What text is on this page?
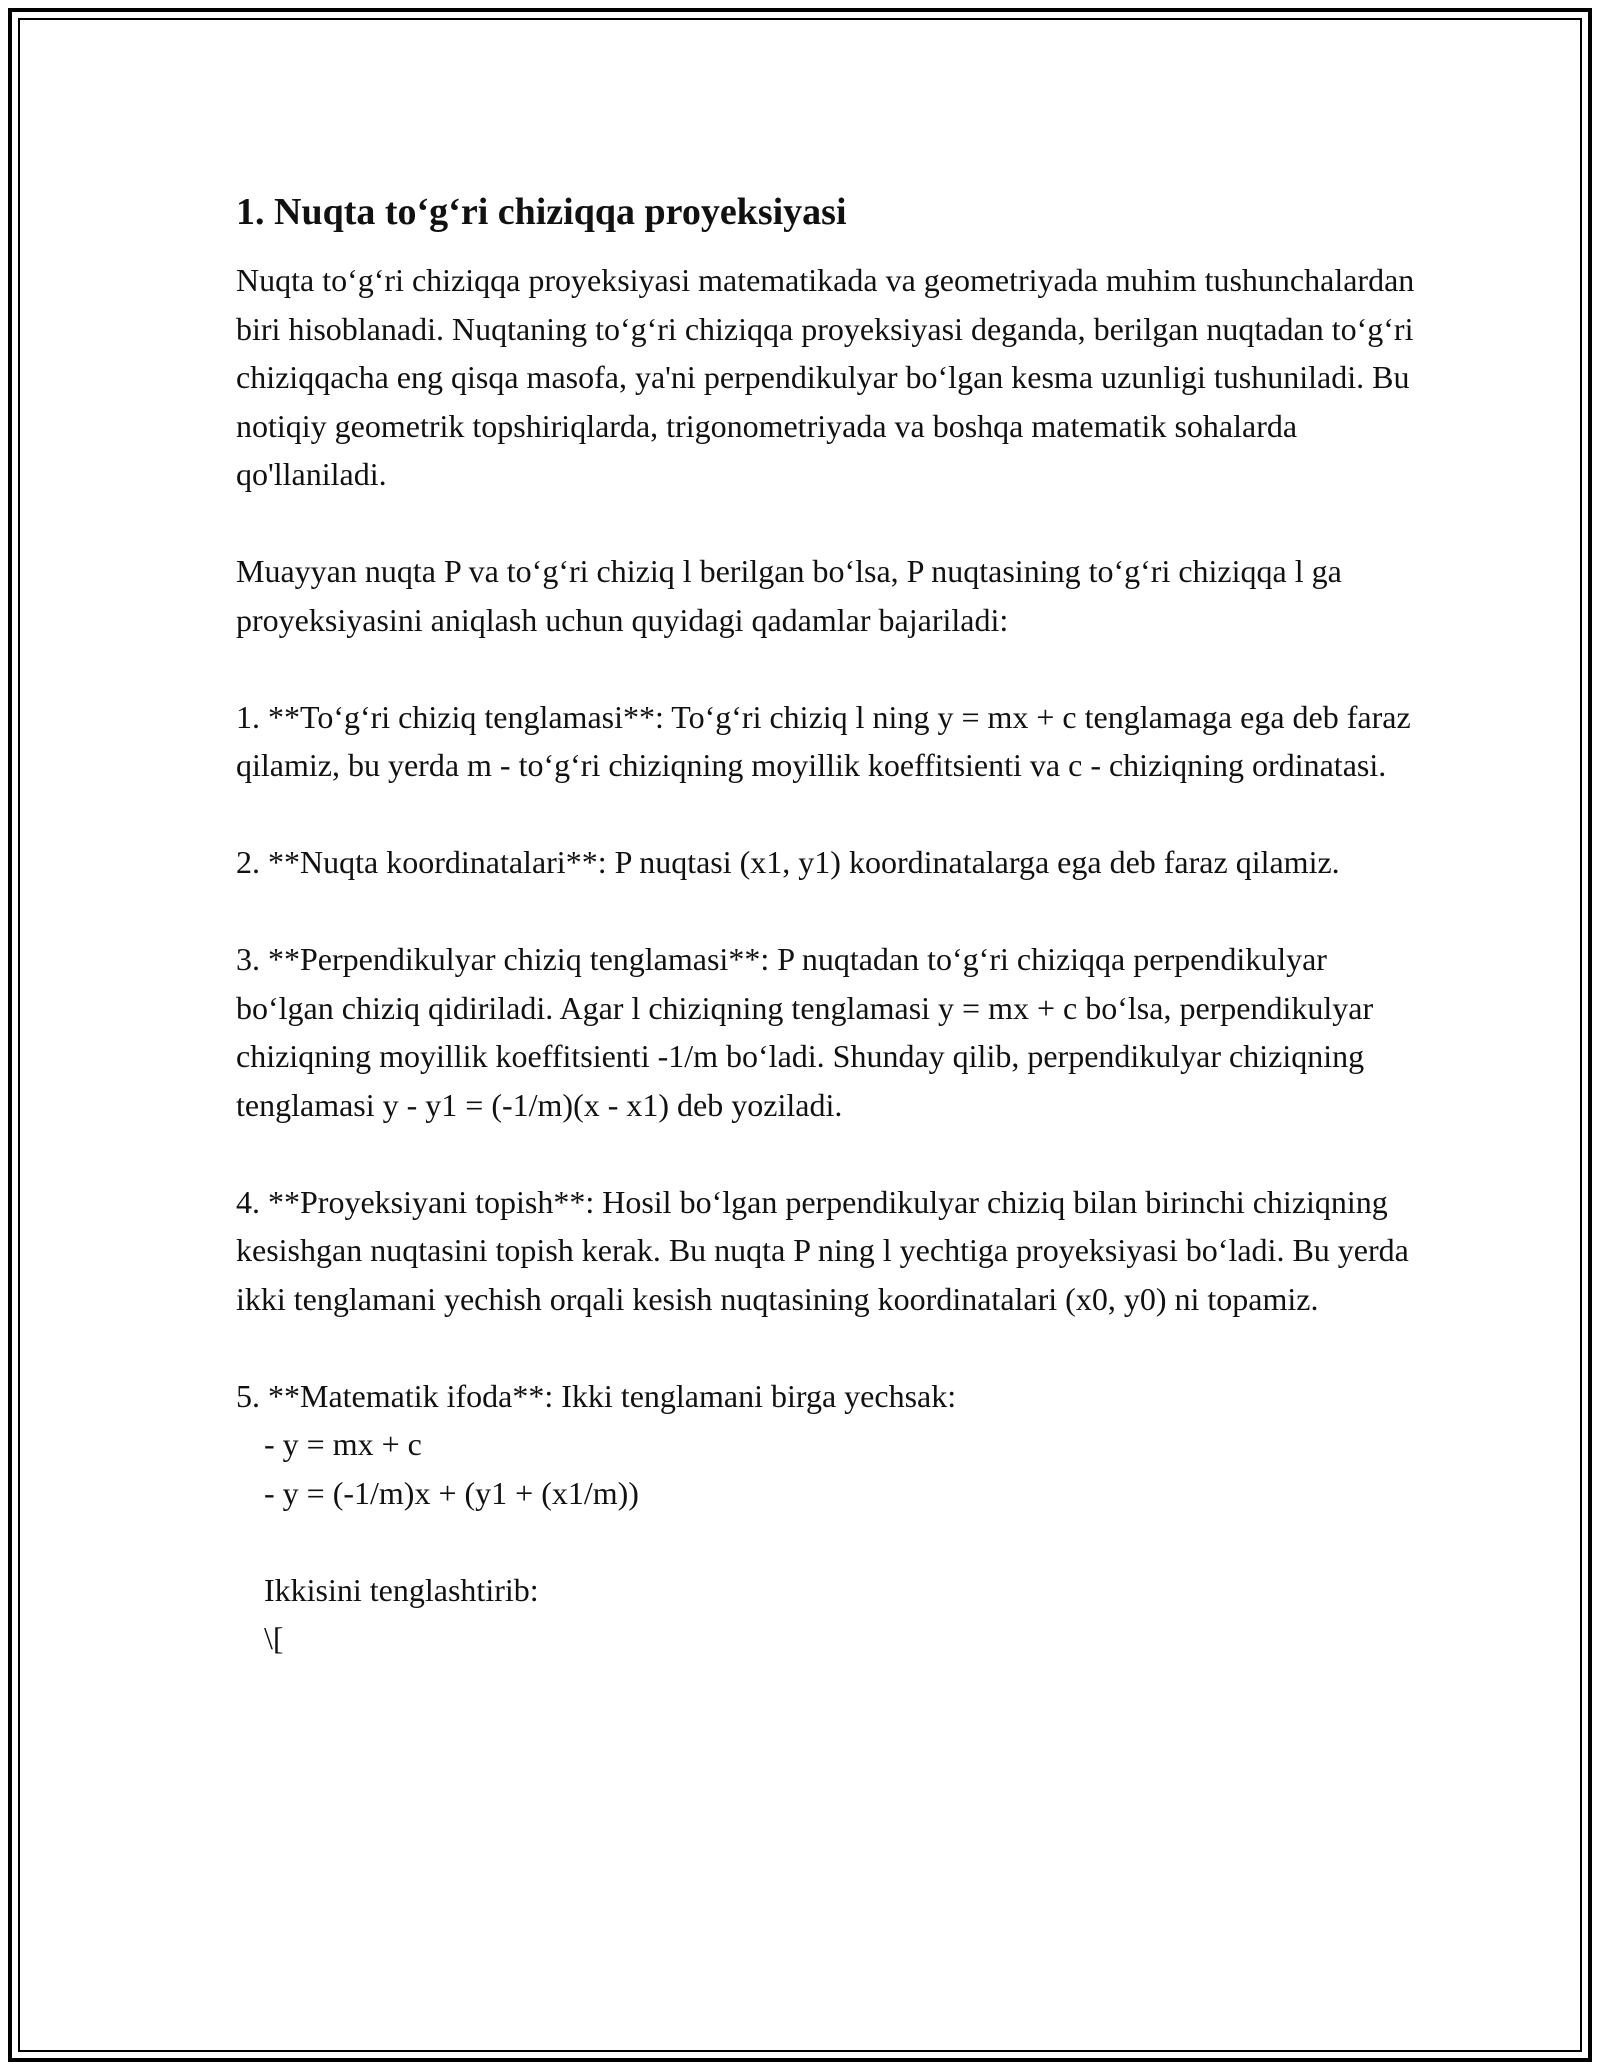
1. Nuqta to‘g‘ri chiziqqa proyeksiyasi

Nuqta to‘g‘ri chiziqqa proyeksiyasi matematikada va geometriyada muhim tushunchalardan biri hisoblanadi. Nuqtaning to‘g‘ri chiziqqa proyeksiyasi deganda, berilgan nuqtadan to‘g‘ri chiziqqacha eng qisqa masofa, ya'ni perpendikulyar bo‘lgan kesma uzunligi tushuniladi. Bu notiqiy geometrik topshiriqlarda, trigonometriyada va boshqa matematik sohalarda qo'llaniladi.

Muayyan nuqta P va to‘g‘ri chiziq l berilgan bo‘lsa, P nuqtasining to‘g‘ri chiziqqa l ga proyeksiyasini aniqlash uchun quyidagi qadamlar bajariladi:

1. **To‘g‘ri chiziq tenglamasi**: To‘g‘ri chiziq l ning y = mx + c tenglamaga ega deb faraz qilamiz, bu yerda m - to‘g‘ri chiziqning moyillik koeffitsienti va c - chiziqning ordinatasi.

2. **Nuqta koordinatalari**: P nuqtasi (x1, y1) koordinatalarga ega deb faraz qilamiz.

3. **Perpendikulyar chiziq tenglamasi**: P nuqtadan to‘g‘ri chiziqqa perpendikulyar bo‘lgan chiziq qidiriladi. Agar l chiziqning tenglamasi y = mx + c bo‘lsa, perpendikulyar chiziqning moyillik koeffitsienti -1/m bo‘ladi. Shunday qilib, perpendikulyar chiziqning tenglamasi y - y1 = (-1/m)(x - x1) deb yoziladi.

4. **Proyeksiyani topish**: Hosil bo‘lgan perpendikulyar chiziq bilan birinchi chiziqning kesishgan nuqtasini topish kerak. Bu nuqta P ning l yechtiga proyeksiyasi bo‘ladi. Bu yerda ikki tenglamani yechish orqali kesish nuqtasining koordinatalari (x0, y0) ni topamiz.

5. **Matematik ifoda**: Ikki tenglamani birga yechsak:

- y = mx + c

- y = (-1/m)x + (y1 + (x1/m))

Ikkisini tenglashtirib:

\[
